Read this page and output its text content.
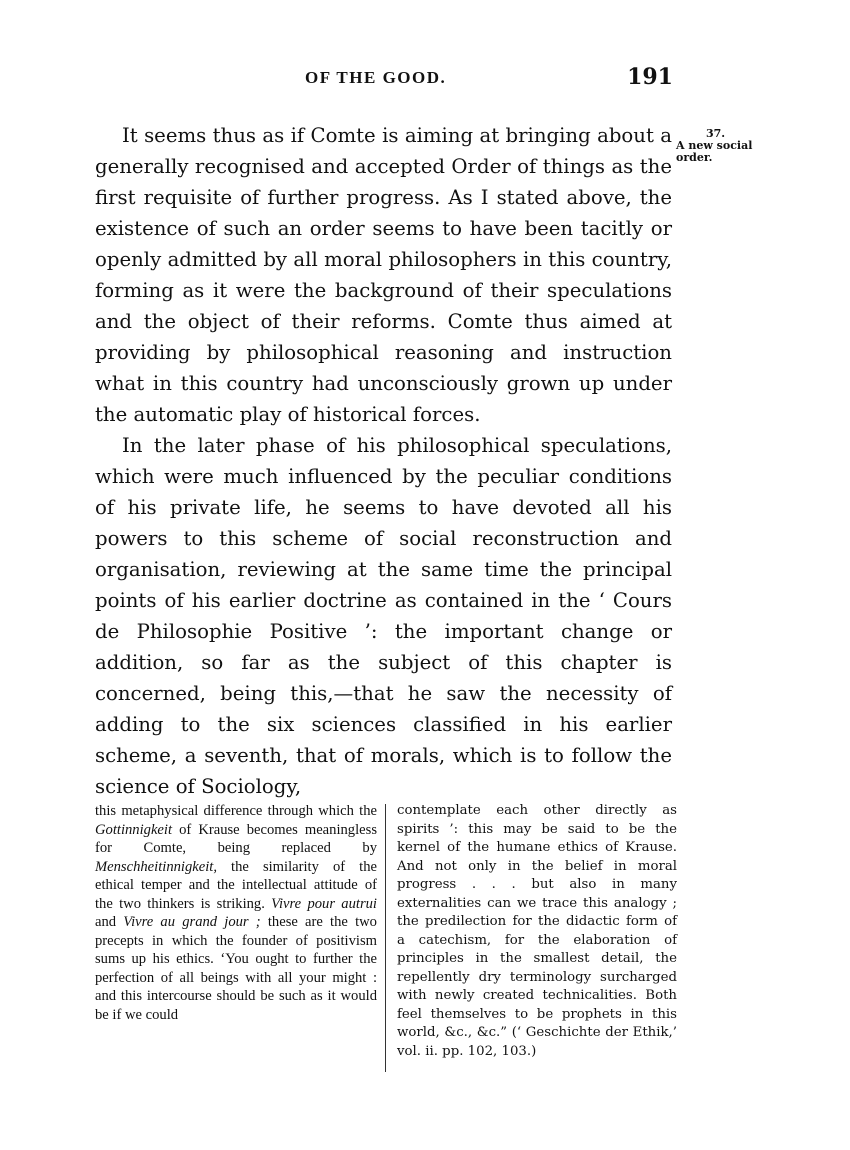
OF THE GOOD.	191
37.
A new social order.

It seems thus as if Comte is aiming at bringing about a generally recognised and accepted Order of things as the first requisite of further progress. As I stated above, the existence of such an order seems to have been tacitly or openly admitted by all moral philosophers in this country, forming as it were the background of their speculations and the object of their reforms. Comte thus aimed at providing by philosophical reasoning and instruction what in this country had unconsciously grown up under the automatic play of historical forces.

In the later phase of his philosophical speculations, which were much influenced by the peculiar conditions of his private life, he seems to have devoted all his powers to this scheme of social reconstruction and organisation, reviewing at the same time the principal points of his earlier doctrine as contained in the ‘ Cours de Philosophie Positive ’: the important change or addition, so far as the subject of this chapter is concerned, being this,—that he saw the necessity of adding to the six sciences classified in his earlier scheme, a seventh, that of morals, which is to follow the science of Sociology,

this metaphysical difference through which the Gottinnigkeit of Krause becomes meaningless for Comte, being replaced by Menschheitinnigkeit, the similarity of the ethical temper and the intellectual attitude of the two thinkers is striking. Vivre pour autrui and Vivre au grand jour ; these are the two precepts in which the founder of positivism sums up his ethics. ‘You ought to further the perfection of all beings with all your might : and this intercourse should be such as it would be if we could

contemplate each other directly as spirits ’: this may be said to be the kernel of the humane ethics of Krause. And not only in the belief in moral progress . . . but also in many externalities can we trace this analogy ; the predilection for the didactic form of a catechism, for the elaboration of principles in the smallest detail, the repellently dry terminology surcharged with newly created technicalities. Both feel themselves to be prophets in this world, &c., &c.” (‘ Geschichte der Ethik,’ vol. ii. pp. 102, 103.)
